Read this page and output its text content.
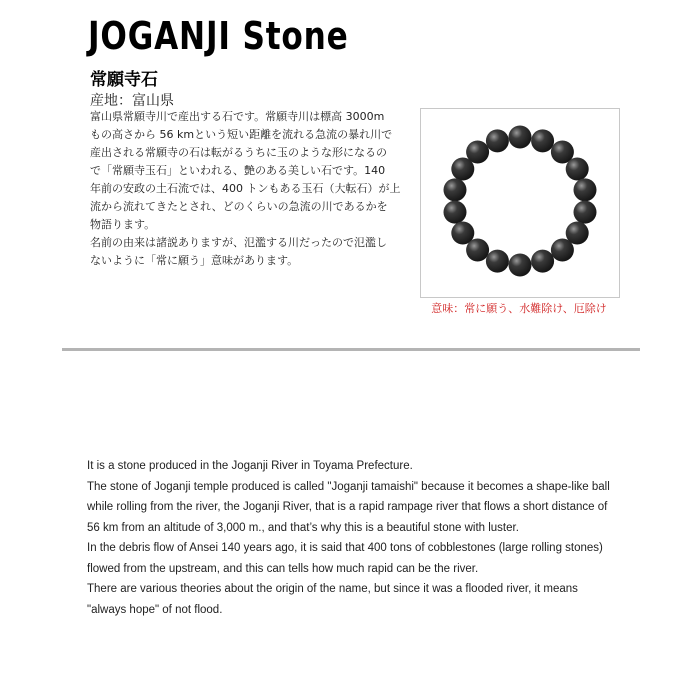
JOGANJI Stone
常願寺石
産地：富山県

富山県常願寺川で産出する石です。常願寺川は標高 3000m

もの高さから 56 kmという短い距離を流れる急流の暴れ川で

産出される常願寺の石は転がるうちに玉のような形になるの

で「常願寺玉石」といわれる、艶のある美しい石です。140

年前の安政の土石流では、400 トンもある玉石（大転石）が上

流から流れてきたとされ、どのくらいの急流の川であるかを

物語ります。

名前の由来は諸説ありますが、氾濫する川だったので氾濫し

ないように「常に願う」意味があります。

意味：常に願う、水難除け、厄除け

It is a stone produced in the Joganji River in Toyama Prefecture.

The stone of Joganji temple produced is called "Joganji tamaishi" because it becomes a shape-like ball

while rolling from the river, the Joganji River, that is a rapid rampage river that flows a short distance of

56 km from an altitude of 3,000 m., and that’s why this is a beautiful stone with luster.

In the debris flow of Ansei 140 years ago, it is said that 400 tons of cobblestones (large rolling stones)

flowed from the upstream, and this can tells how much rapid can be the river.

There are various theories about the origin of the name, but since it was a flooded river, it means

"always hope" of not flood.
